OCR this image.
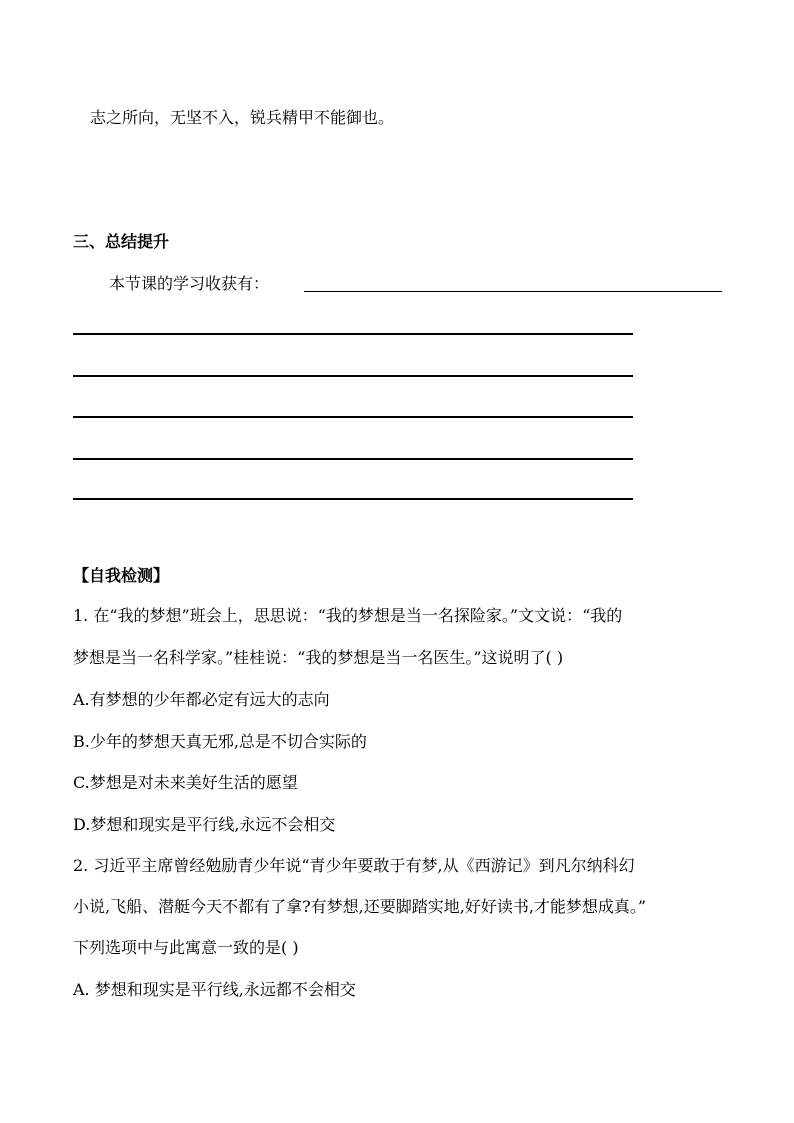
志之所向，无坚不入，锐兵精甲不能御也。
三、总结提升
本节课的学习收获有：
【自我检测】
1. 在“我的梦想”班会上，思思说：“我的梦想是当一名探险家。”文文说：“我的
梦想是当一名科学家。”桂桂说：“我的梦想是当一名医生。”这说明了( )
A.有梦想的少年都必定有远大的志向
B.少年的梦想天真无邪,总是不切合实际的
C.梦想是对未来美好生活的愿望
D.梦想和现实是平行线,永远不会相交
2. 习近平主席曾经勉励青少年说“青少年要敢于有梦,从《西游记》到凡尔纳科幻
小说,飞船、潜艇今天不都有了拿?有梦想,还要脚踏实地,好好读书,才能梦想成真。”
下列选项中与此寓意一致的是( )
A. 梦想和现实是平行线,永远都不会相交
